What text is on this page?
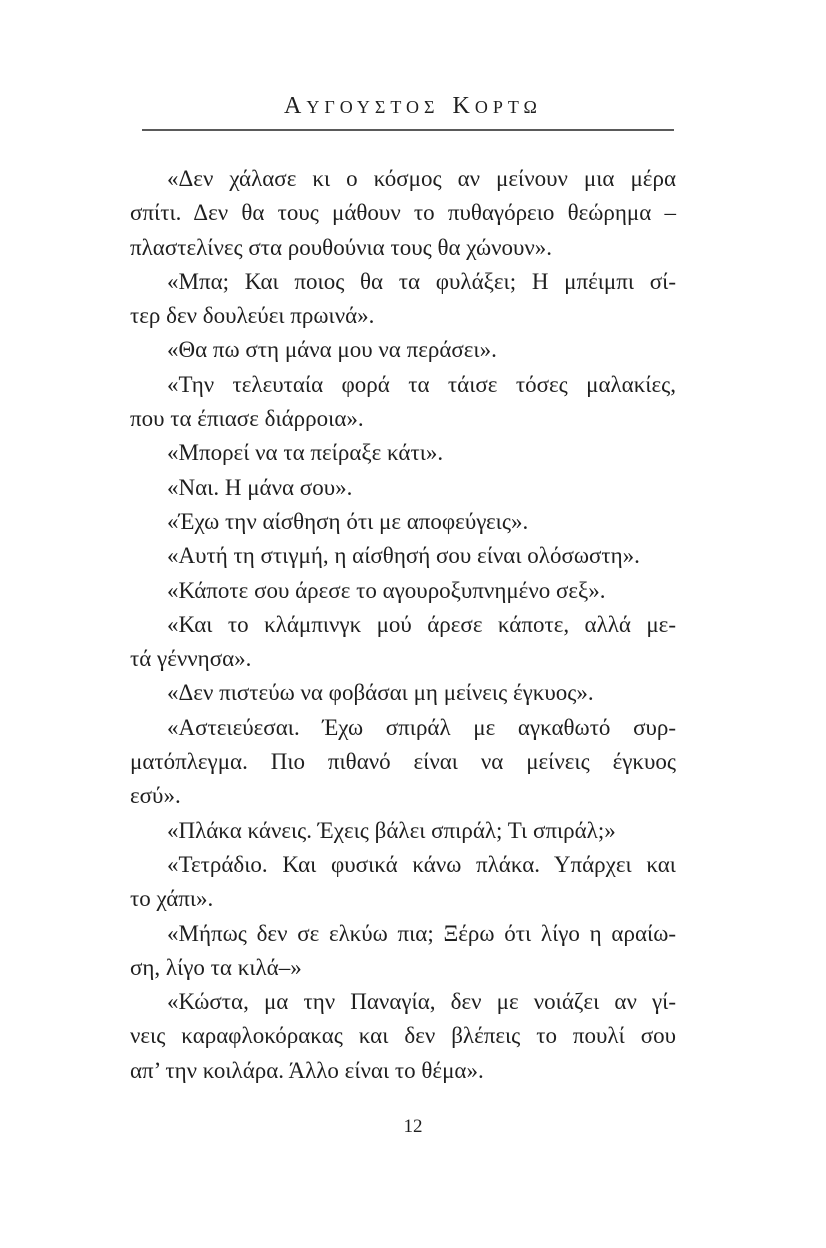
ΑΥΓΟΥΣΤΟΣ ΚΟΡΤΩ
«Δεν χάλασε κι ο κόσμος αν μείνουν μια μέρα
σπίτι. Δεν θα τους μάθουν το πυθαγόρειο θεώρημα –
πλαστελίνες στα ρουθούνια τους θα χώνουν».
«Μπα; Και ποιος θα τα φυλάξει; Η μπέιμπι σί-
τερ δεν δουλεύει πρωινά».
«Θα πω στη μάνα μου να περάσει».
«Την τελευταία φορά τα τάισε τόσες μαλακίες,
που τα έπιασε διάρροια».
«Μπορεί να τα πείραξε κάτι».
«Ναι. Η μάνα σου».
«Έχω την αίσθηση ότι με αποφεύγεις».
«Αυτή τη στιγμή, η αίσθησή σου είναι ολόσωστη».
«Κάποτε σου άρεσε το αγουροξυπνημένο σεξ».
«Και το κλάμπινγκ μού άρεσε κάποτε, αλλά με-
τά γέννησα».
«Δεν πιστεύω να φοβάσαι μη μείνεις έγκυος».
«Αστειεύεσαι. Έχω σπιράλ με αγκαθωτό συρ-
ματόπλεγμα. Πιο πιθανό είναι να μείνεις έγκυος
εσύ».
«Πλάκα κάνεις. Έχεις βάλει σπιράλ; Τι σπιράλ;»
«Τετράδιο. Και φυσικά κάνω πλάκα. Υπάρχει και
το χάπι».
«Μήπως δεν σε ελκύω πια; Ξέρω ότι λίγο η αραίω-
ση, λίγο τα κιλά–»
«Κώστα, μα την Παναγία, δεν με νοιάζει αν γί-
νεις καραφλοκόρακας και δεν βλέπεις το πουλί σου
απ’ την κοιλάρα. Άλλο είναι το θέμα».
12
